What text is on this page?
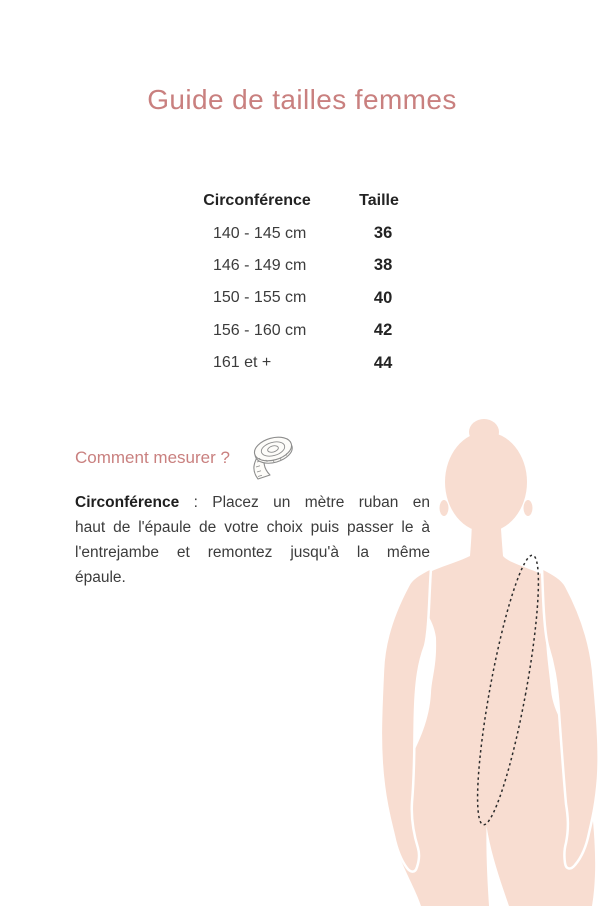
Guide de tailles femmes
Circonférence	Taille
140 - 145 cm	36
146 - 149 cm	38
150 - 155 cm	40
156 - 160 cm	42
161 et +	44
Comment mesurer ?
Circonférence : Placez un mètre ruban en
haut de l'épaule de votre choix puis passer le à
l'entrejambe et remontez jusqu'à la même
épaule.
